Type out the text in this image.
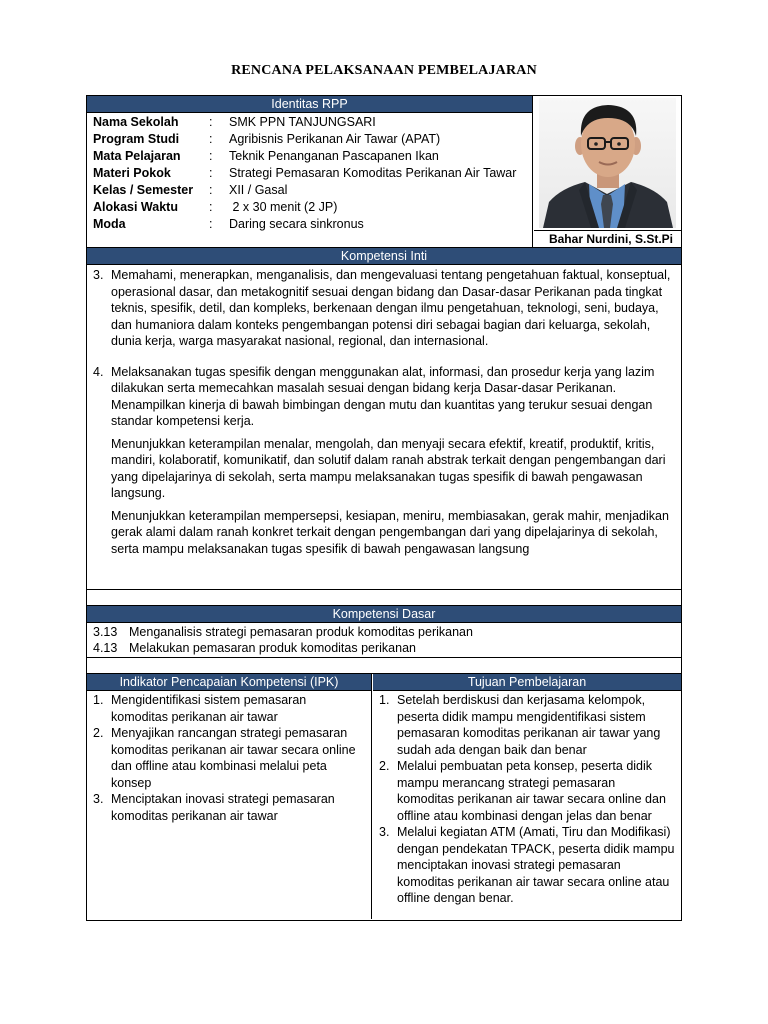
RENCANA PELAKSANAAN PEMBELAJARAN
Identitas RPP
Nama Sekolah	:	SMK PPN TANJUNGSARI
Program Studi	:	Agribisnis Perikanan Air Tawar (APAT)
Mata Pelajaran	:	Teknik Penanganan Pascapanen Ikan
Materi Pokok	:	Strategi Pemasaran Komoditas Perikanan Air Tawar
Kelas / Semester	:	XII / Gasal
Alokasi Waktu	:	2 x 30 menit (2 JP)
Moda	:	Daring secara sinkronus
Bahar Nurdini, S.St.Pi
Kompetensi Inti
3. Memahami, menerapkan, menganalisis, dan mengevaluasi tentang pengetahuan faktual, konseptual, operasional dasar, dan metakognitif sesuai dengan bidang dan Dasar-dasar Perikanan pada tingkat teknis, spesifik, detil, dan kompleks, berkenaan dengan ilmu pengetahuan, teknologi, seni, budaya, dan humaniora dalam konteks pengembangan potensi diri sebagai bagian dari keluarga, sekolah, dunia kerja, warga masyarakat nasional, regional, dan internasional.
4. Melaksanakan tugas spesifik dengan menggunakan alat, informasi, dan prosedur kerja yang lazim dilakukan serta memecahkan masalah sesuai dengan bidang kerja Dasar-dasar Perikanan. Menampilkan kinerja di bawah bimbingan dengan mutu dan kuantitas yang terukur sesuai dengan standar kompetensi kerja.
Menunjukkan keterampilan menalar, mengolah, dan menyaji secara efektif, kreatif, produktif, kritis, mandiri, kolaboratif, komunikatif, dan solutif dalam ranah abstrak terkait dengan pengembangan dari yang dipelajarinya di sekolah, serta mampu melaksanakan tugas spesifik di bawah pengawasan langsung.
Menunjukkan keterampilan mempersepsi, kesiapan, meniru, membiasakan, gerak mahir, menjadikan gerak alami dalam ranah konkret terkait dengan pengembangan dari yang dipelajarinya di sekolah, serta mampu melaksanakan tugas spesifik di bawah pengawasan langsung
Kompetensi Dasar
3.13 Menganalisis strategi pemasaran produk komoditas perikanan
4.13 Melakukan pemasaran produk komoditas perikanan
Indikator Pencapaian Kompetensi (IPK)
1. Mengidentifikasi sistem pemasaran komoditas perikanan air tawar
2. Menyajikan rancangan strategi pemasaran komoditas perikanan air tawar secara online dan offline atau kombinasi melalui peta konsep
3. Menciptakan inovasi strategi pemasaran komoditas perikanan air tawar
Tujuan Pembelajaran
1. Setelah berdiskusi dan kerjasama kelompok, peserta didik mampu mengidentifikasi sistem pemasaran komoditas perikanan air tawar yang sudah ada dengan baik dan benar
2. Melalui pembuatan peta konsep, peserta didik mampu merancang strategi pemasaran komoditas perikanan air tawar secara online dan offline atau kombinasi dengan jelas dan benar
3. Melalui kegiatan ATM (Amati, Tiru dan Modifikasi) dengan pendekatan TPACK, peserta didik mampu menciptakan inovasi strategi pemasaran komoditas perikanan air tawar secara online atau offline dengan benar.
